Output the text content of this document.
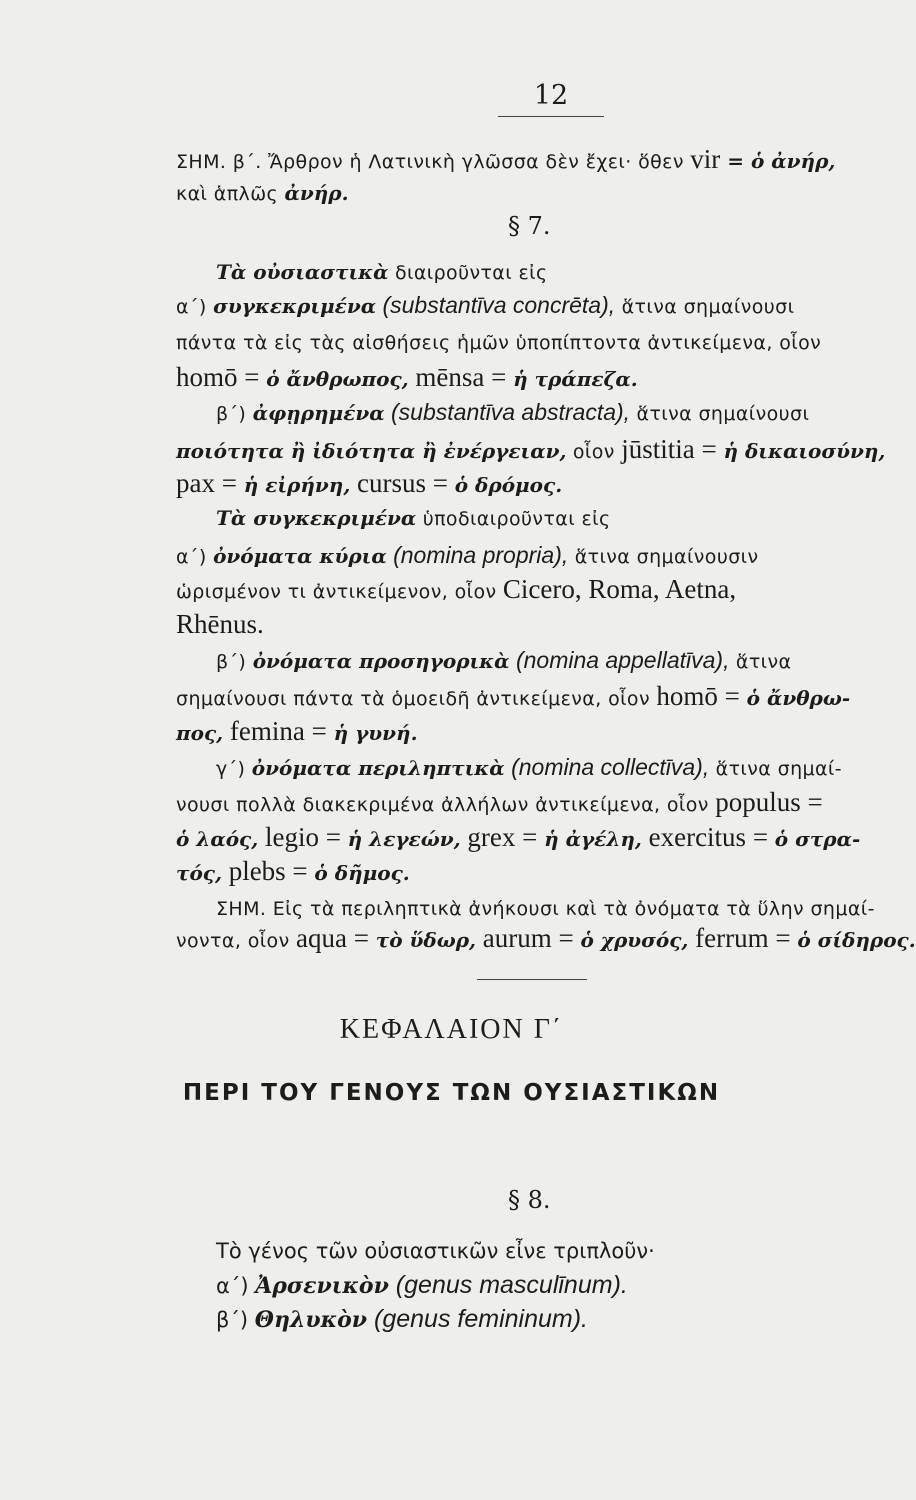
12
ΣΗΜ. β΄. Ἄρθρον ἡ Λατινικὴ γλῶσσα δὲν ἔχει· ὅθεν vir = ὁ ἀνήρ,
καὶ ἁπλῶς ἀνήρ.
§ 7.
Τὰ οὐσιαστικὰ διαιροῦνται εἰς
α΄) συγκεκριμένα (substantīva concrēta), ἅτινα σημαίνουσι
πάντα τὰ εἰς τὰς αἰσθήσεις ἡμῶν ὑποπίπτοντα ἀντικείμενα, οἷον
homō = ὁ ἄνθρωπος, mēnsa = ἡ τράπεζα.
β΄) ἀφῃρημένα (substantīva abstracta), ἅτινα σημαίνουσι
ποιότητα ἢ ἰδιότητα ἢ ἐνέργειαν, οἷον jūstitia = ἡ δικαιοσύνη,
pax = ἡ εἰρήνη, cursus = ὁ δρόμος.
Τὰ συγκεκριμένα ὑποδιαιροῦνται εἰς
α΄) ὀνόματα κύρια (nomina propria), ἅτινα σημαίνουσιν
ὡρισμένον τι ἀντικείμενον, οἷον Cicero, Roma, Aetna,
Rhēnus.
β΄) ὀνόματα προσηγορικὰ (nomina appellatīva), ἅτινα
σημαίνουσι πάντα τὰ ὁμοειδῆ ἀντικείμενα, οἷον homō = ὁ ἄνθρω-
πος, femina = ἡ γυνή.
γ΄) ὀνόματα περιληπτικὰ (nomina collectīva), ἅτινα σημαί-
νουσι πολλὰ διακεκριμένα ἀλλήλων ἀντικείμενα, οἷον populus =
ὁ λαός, legio = ἡ λεγεών, grex = ἡ ἀγέλη, exercitus = ὁ στρα-
τός, plebs = ὁ δῆμος.
ΣΗΜ. Εἰς τὰ περιληπτικὰ ἀνήκουσι καὶ τὰ ὀνόματα τὰ ὕλην σημαί-
νοντα, οἷον aqua = τὸ ὕδωρ, aurum = ὁ χρυσός, ferrum = ὁ σίδηρος.
ΚΕΦΑΛΑΙΟΝ Γ΄
ΠΕΡΙ ΤΟΥ ΓΕΝΟΥΣ ΤΩΝ ΟΥΣΙΑΣΤΙΚΩΝ
§ 8.
Τὸ γένος τῶν οὐσιαστικῶν εἶνε τριπλοῦν·
α΄) Ἀρσενικὸν (genus masculīnum).
β΄) Θηλυκὸν (genus femininum).
